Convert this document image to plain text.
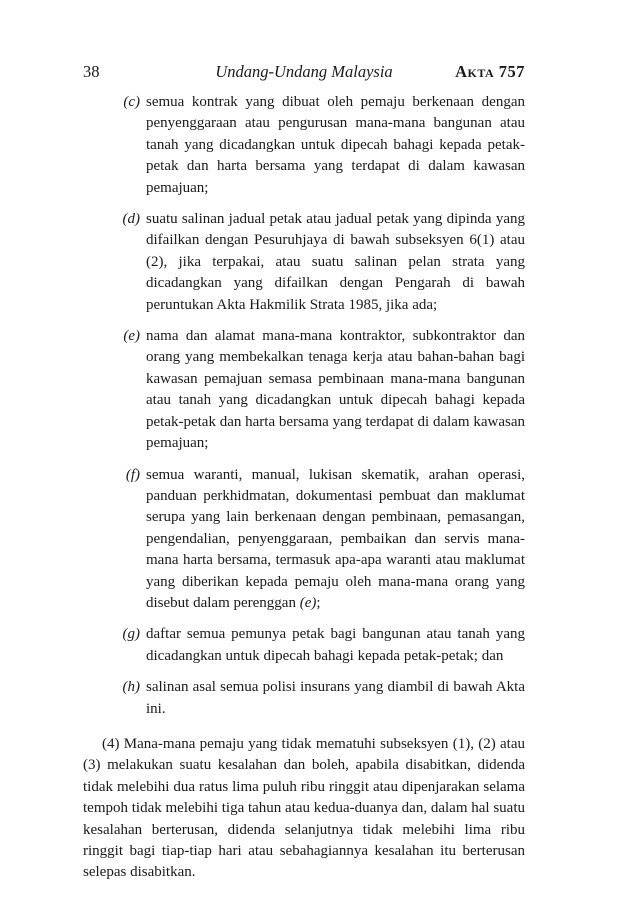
38	Undang-Undang Malaysia	Akta 757
(c) semua kontrak yang dibuat oleh pemaju berkenaan dengan penyenggaraan atau pengurusan mana-mana bangunan atau tanah yang dicadangkan untuk dipecah bahagi kepada petak-petak dan harta bersama yang terdapat di dalam kawasan pemajuan;
(d) suatu salinan jadual petak atau jadual petak yang dipinda yang difailkan dengan Pesuruhjaya di bawah subseksyen 6(1) atau (2), jika terpakai, atau suatu salinan pelan strata yang dicadangkan yang difailkan dengan Pengarah di bawah peruntukan Akta Hakmilik Strata 1985, jika ada;
(e) nama dan alamat mana-mana kontraktor, subkontraktor dan orang yang membekalkan tenaga kerja atau bahan-bahan bagi kawasan pemajuan semasa pembinaan mana-mana bangunan atau tanah yang dicadangkan untuk dipecah bahagi kepada petak-petak dan harta bersama yang terdapat di dalam kawasan pemajuan;
(f) semua waranti, manual, lukisan skematik, arahan operasi, panduan perkhidmatan, dokumentasi pembuat dan maklumat serupa yang lain berkenaan dengan pembinaan, pemasangan, pengendalian, penyenggaraan, pembaikan dan servis mana-mana harta bersama, termasuk apa-apa waranti atau maklumat yang diberikan kepada pemaju oleh mana-mana orang yang disebut dalam perenggan (e);
(g) daftar semua pemunya petak bagi bangunan atau tanah yang dicadangkan untuk dipecah bahagi kepada petak-petak; dan
(h) salinan asal semua polisi insurans yang diambil di bawah Akta ini.
(4) Mana-mana pemaju yang tidak mematuhi subseksyen (1), (2) atau (3) melakukan suatu kesalahan dan boleh, apabila disabitkan, didenda tidak melebihi dua ratus lima puluh ribu ringgit atau dipenjarakan selama tempoh tidak melebihi tiga tahun atau kedua-duanya dan, dalam hal suatu kesalahan berterusan, didenda selanjutnya tidak melebihi lima ribu ringgit bagi tiap-tiap hari atau sebahagiannya kesalahan itu berterusan selepas disabitkan.
